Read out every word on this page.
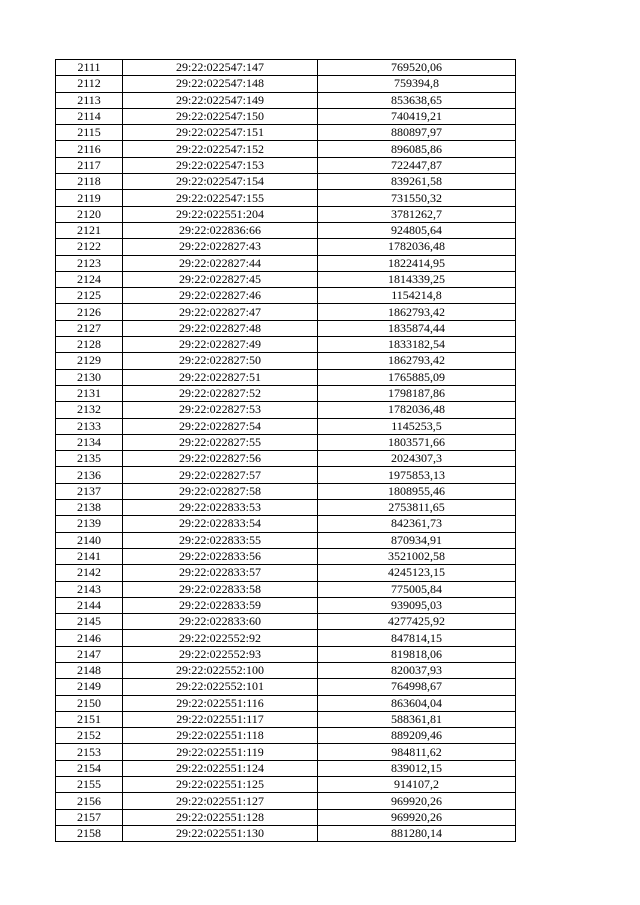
2111	29:22:022547:147	769520,06
2112	29:22:022547:148	759394,8
2113	29:22:022547:149	853638,65
2114	29:22:022547:150	740419,21
2115	29:22:022547:151	880897,97
2116	29:22:022547:152	896085,86
2117	29:22:022547:153	722447,87
2118	29:22:022547:154	839261,58
2119	29:22:022547:155	731550,32
2120	29:22:022551:204	3781262,7
2121	29:22:022836:66	924805,64
2122	29:22:022827:43	1782036,48
2123	29:22:022827:44	1822414,95
2124	29:22:022827:45	1814339,25
2125	29:22:022827:46	1154214,8
2126	29:22:022827:47	1862793,42
2127	29:22:022827:48	1835874,44
2128	29:22:022827:49	1833182,54
2129	29:22:022827:50	1862793,42
2130	29:22:022827:51	1765885,09
2131	29:22:022827:52	1798187,86
2132	29:22:022827:53	1782036,48
2133	29:22:022827:54	1145253,5
2134	29:22:022827:55	1803571,66
2135	29:22:022827:56	2024307,3
2136	29:22:022827:57	1975853,13
2137	29:22:022827:58	1808955,46
2138	29:22:022833:53	2753811,65
2139	29:22:022833:54	842361,73
2140	29:22:022833:55	870934,91
2141	29:22:022833:56	3521002,58
2142	29:22:022833:57	4245123,15
2143	29:22:022833:58	775005,84
2144	29:22:022833:59	939095,03
2145	29:22:022833:60	4277425,92
2146	29:22:022552:92	847814,15
2147	29:22:022552:93	819818,06
2148	29:22:022552:100	820037,93
2149	29:22:022552:101	764998,67
2150	29:22:022551:116	863604,04
2151	29:22:022551:117	588361,81
2152	29:22:022551:118	889209,46
2153	29:22:022551:119	984811,62
2154	29:22:022551:124	839012,15
2155	29:22:022551:125	914107,2
2156	29:22:022551:127	969920,26
2157	29:22:022551:128	969920,26
2158	29:22:022551:130	881280,14
